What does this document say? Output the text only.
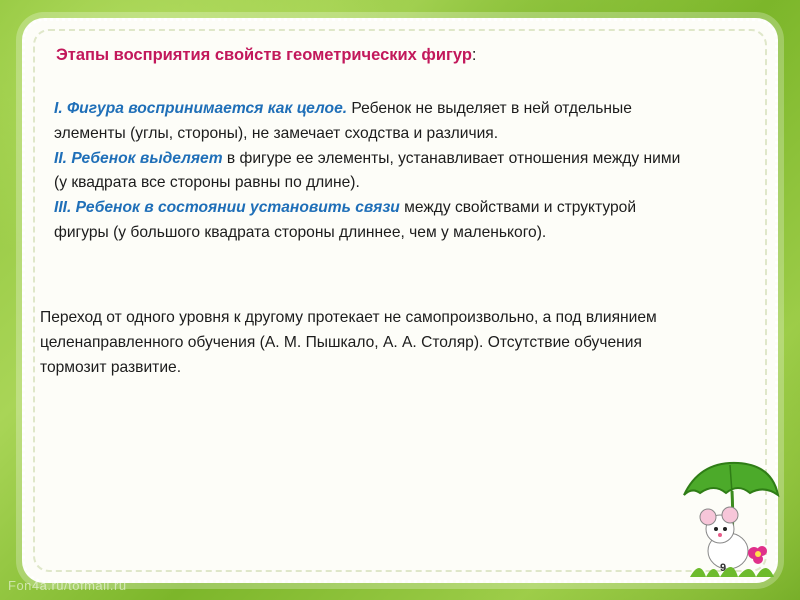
Этапы восприятия свойств геометрических фигур:

I. Фигура воспринимается как целое. Ребенок не выделяет в ней отдельные элементы (углы, стороны), не замечает сходства и различия.

II. Ребенок выделяет в фигуре ее элементы, устанавливает отношения между ними (у квадрата все стороны равны по длине).

III. Ребенок в состоянии установить связи между свойствами и структурой фигуры (у большого квадрата стороны длиннее, чем у маленького).

Переход от одного уровня к другому протекает не самопроизвольно, а под влиянием целенаправленного обучения (А. М. Пышкало, А. А. Столяр). Отсутствие обучения тормозит развитие.

9
Fon4a.ru/tofmail.ru
